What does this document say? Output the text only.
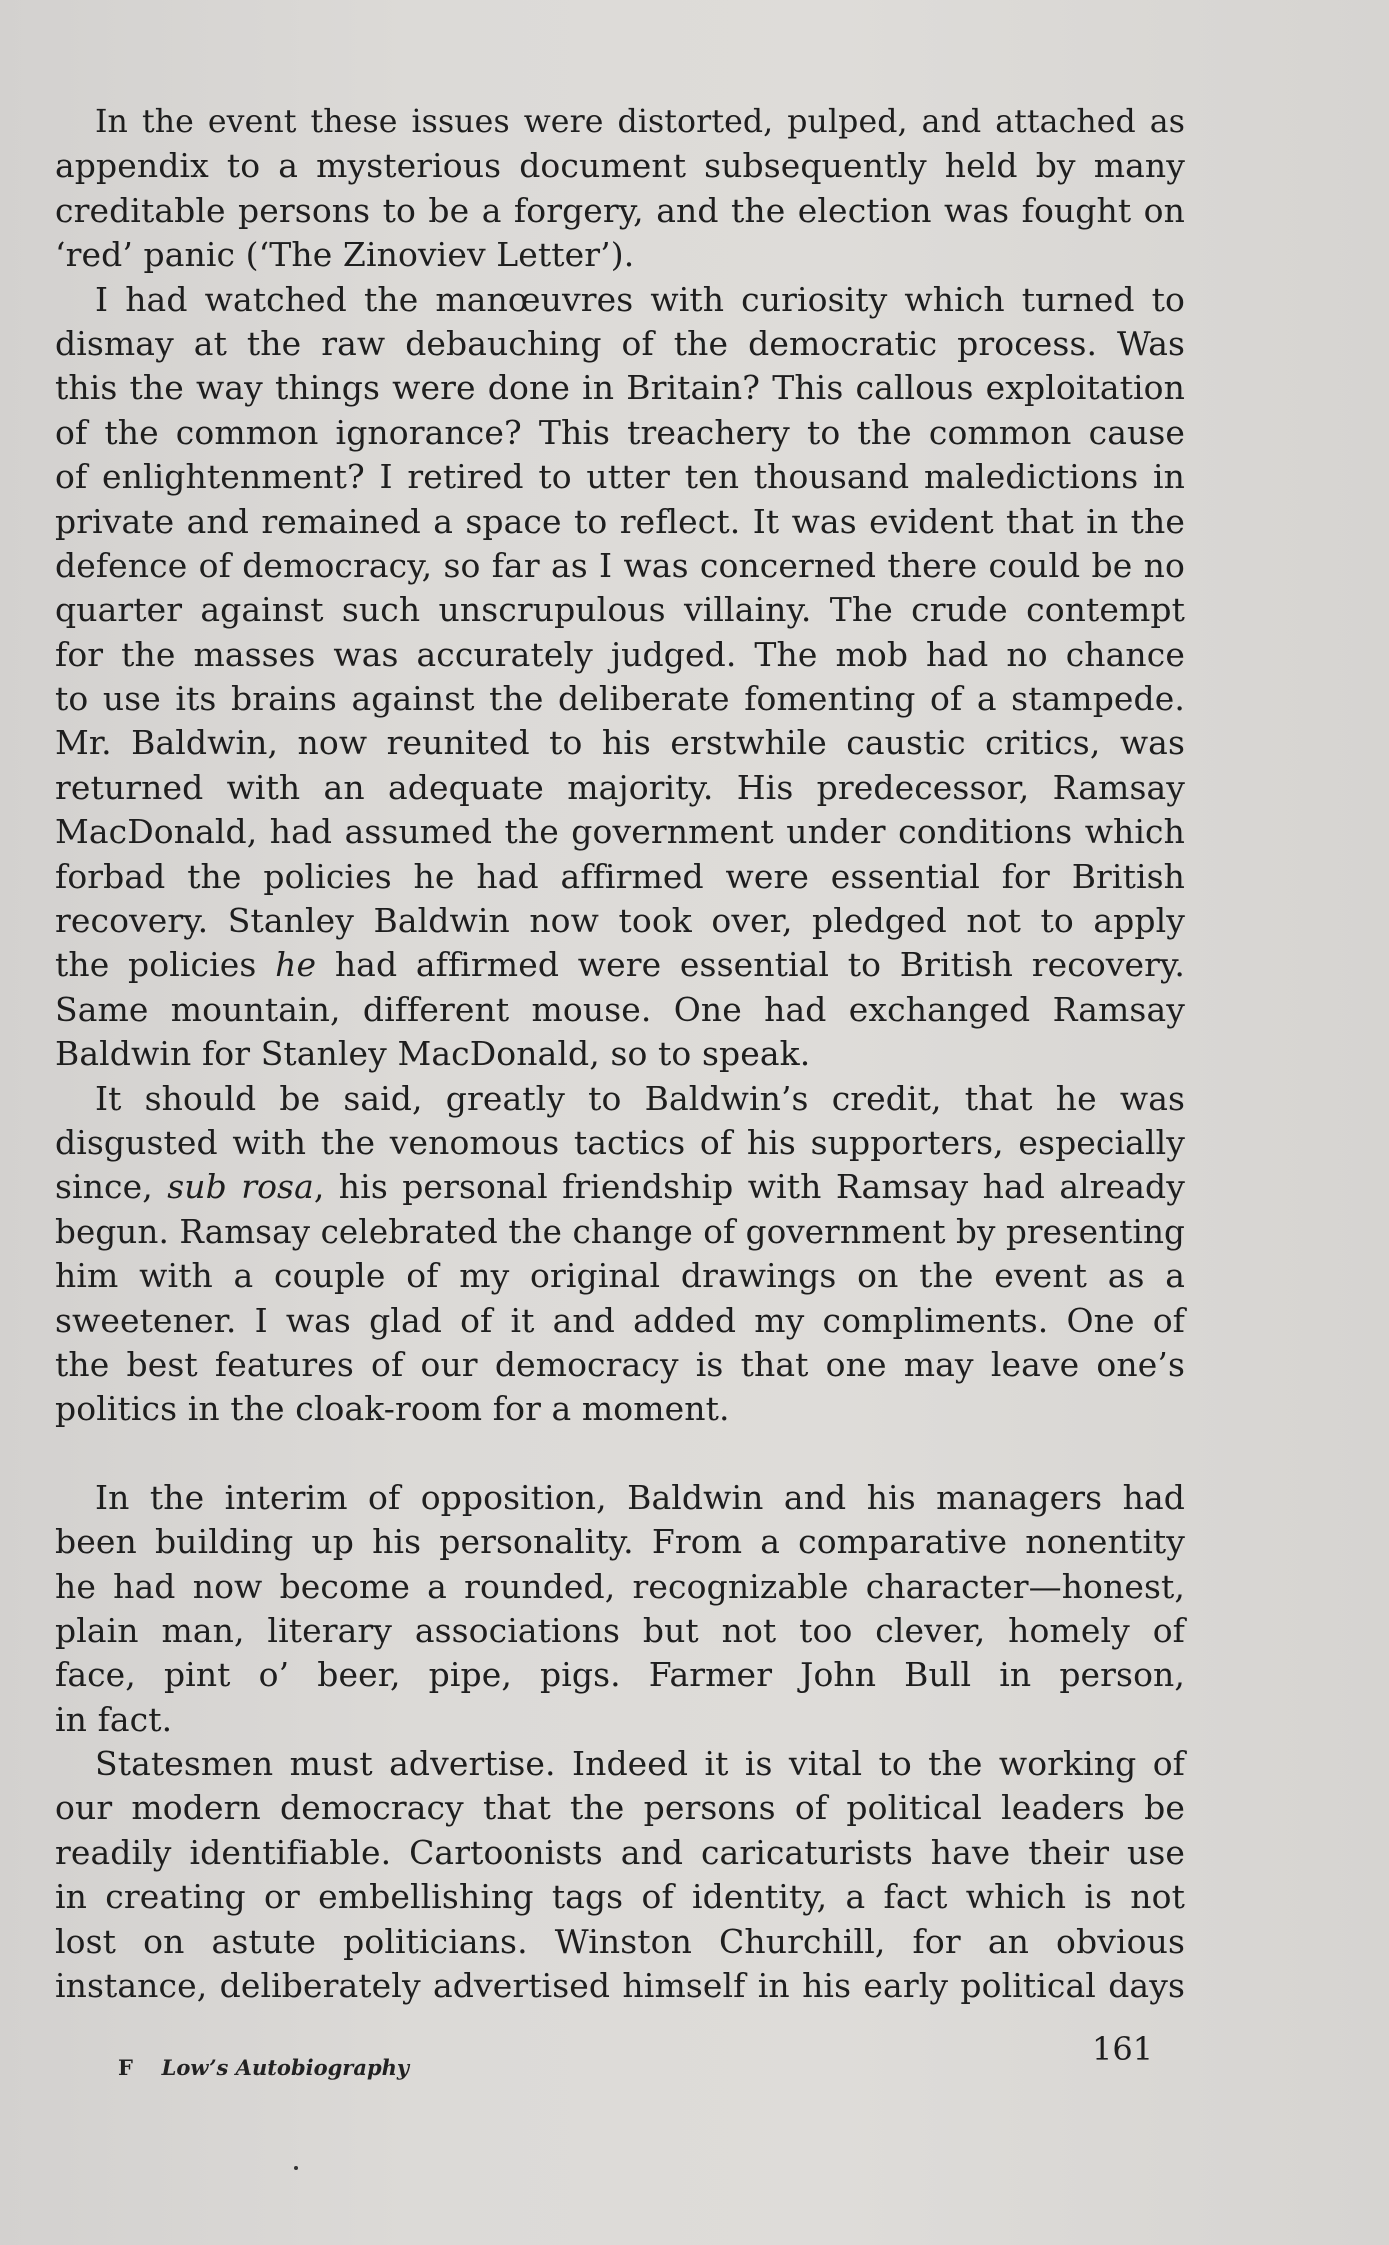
In the event these issues were distorted, pulped, and attached as
appendix to a mysterious document subsequently held by many
creditable persons to be a forgery, and the election was fought on
‘red’ panic (‘The Zinoviev Letter’).
I had watched the manœuvres with curiosity which turned to
dismay at the raw debauching of the democratic process. Was
this the way things were done in Britain? This callous exploitation
of the common ignorance? This treachery to the common cause
of enlightenment? I retired to utter ten thousand maledictions in
private and remained a space to reflect. It was evident that in the
defence of democracy, so far as I was concerned there could be no
quarter against such unscrupulous villainy. The crude contempt
for the masses was accurately judged. The mob had no chance
to use its brains against the deliberate fomenting of a stampede.
Mr. Baldwin, now reunited to his erstwhile caustic critics, was
returned with an adequate majority. His predecessor, Ramsay
MacDonald, had assumed the government under conditions which
forbad the policies he had affirmed were essential for British
recovery. Stanley Baldwin now took over, pledged not to apply
the policies he had affirmed were essential to British recovery.
Same mountain, different mouse. One had exchanged Ramsay
Baldwin for Stanley MacDonald, so to speak.
It should be said, greatly to Baldwin’s credit, that he was
disgusted with the venomous tactics of his supporters, especially
since, sub rosa, his personal friendship with Ramsay had already
begun. Ramsay celebrated the change of government by presenting
him with a couple of my original drawings on the event as a
sweetener. I was glad of it and added my compliments. One of
the best features of our democracy is that one may leave one’s
politics in the cloak-room for a moment.
In the interim of opposition, Baldwin and his managers had
been building up his personality. From a comparative nonentity
he had now become a rounded, recognizable character—honest,
plain man, literary associations but not too clever, homely of
face, pint o’ beer, pipe, pigs. Farmer John Bull in person,
in fact.
Statesmen must advertise. Indeed it is vital to the working of
our modern democracy that the persons of political leaders be
readily identifiable. Cartoonists and caricaturists have their use
in creating or embellishing tags of identity, a fact which is not
lost on astute politicians. Winston Churchill, for an obvious
instance, deliberately advertised himself in his early political days
161
F Low’s Autobiography
